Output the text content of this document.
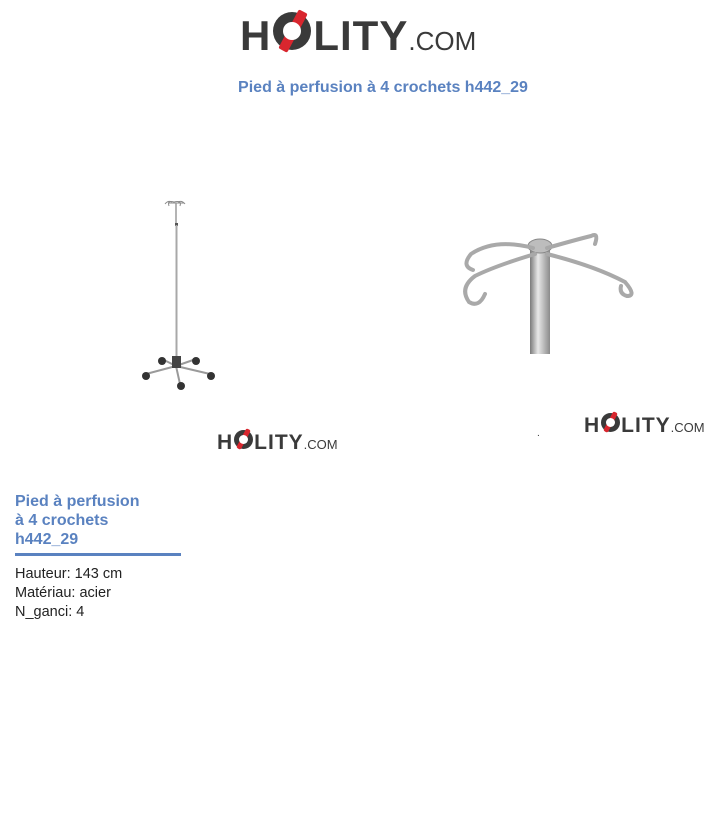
H LITY .COM
Pied à perfusion à 4 crochets h442_29
H LITY .COM
. H LITY .COM
Pied à perfusion
à 4 crochets
h442_29
Hauteur: 143 cm
Matériau: acier
N_ganci: 4
